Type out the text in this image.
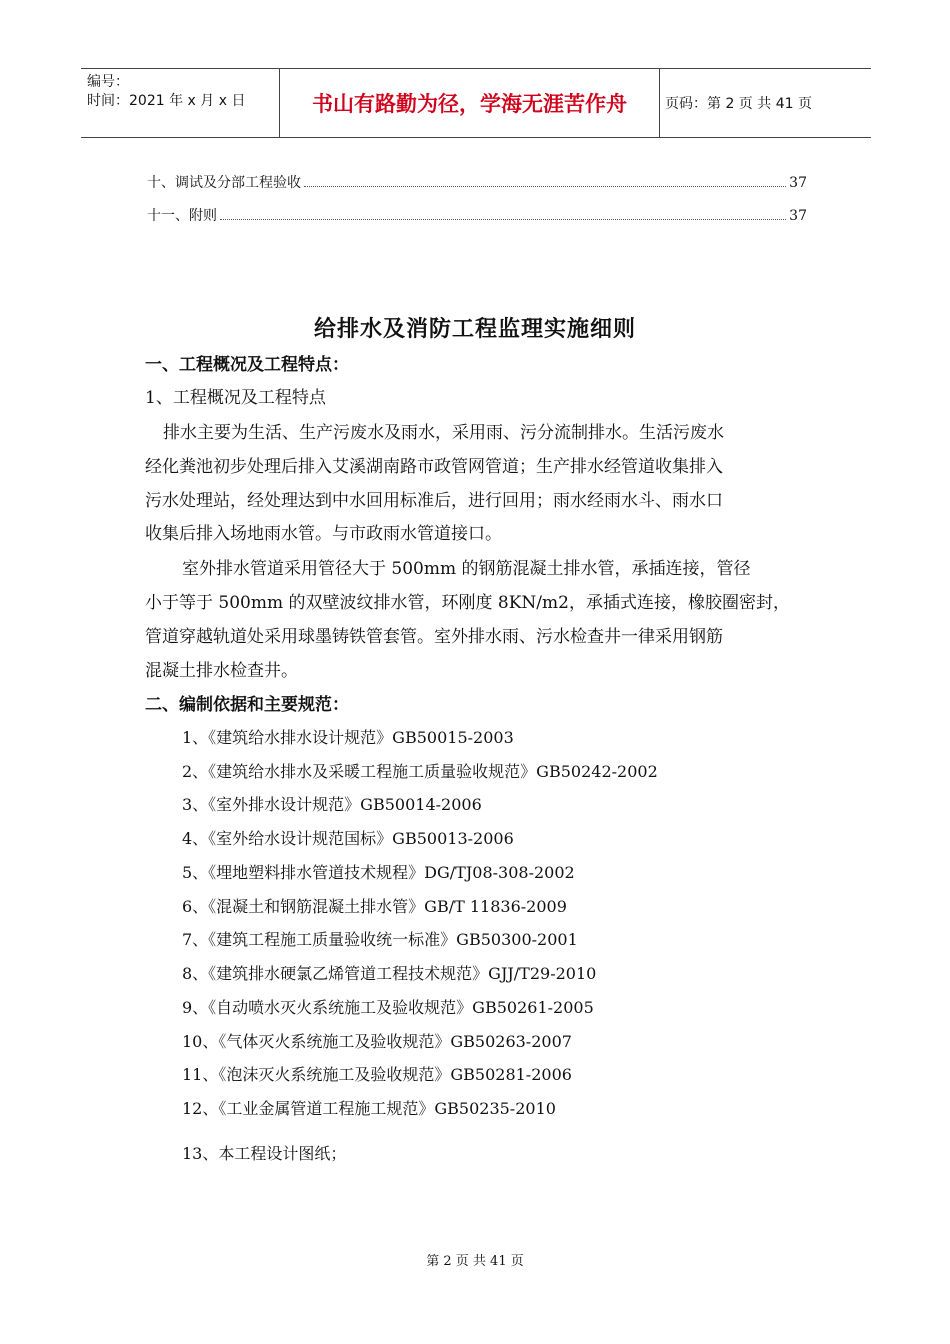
编号：
时间：2021 年 x 月 x 日	书山有路勤为径，学海无涯苦作舟	页码：第 2 页 共 41 页
十、调试及分部工程验收	37
十一、附则	37
给排水及消防工程监理实施细则
一、工程概况及工程特点：
1、工程概况及工程特点
排水主要为生活、生产污废水及雨水，采用雨、污分流制排水。生活污废水
经化粪池初步处理后排入艾溪湖南路市政管网管道；生产排水经管道收集排入
污水处理站，经处理达到中水回用标准后，进行回用；雨水经雨水斗、雨水口
收集后排入场地雨水管。与市政雨水管道接口。
室外排水管道采用管径大于 500mm 的钢筋混凝土排水管，承插连接，管径
小于等于 500mm 的双壁波纹排水管，环刚度 8KN/m2，承插式连接，橡胶圈密封，
管道穿越轨道处采用球墨铸铁管套管。室外排水雨、污水检查井一律采用钢筋
混凝土排水检查井。
二、编制依据和主要规范：
1、《建筑给水排水设计规范》GB50015-2003
2、《建筑给水排水及采暖工程施工质量验收规范》GB50242-2002
3、《室外排水设计规范》GB50014-2006
4、《室外给水设计规范国标》GB50013-2006
5、《埋地塑料排水管道技术规程》DG/TJ08-308-2002
6、《混凝土和钢筋混凝土排水管》GB/T 11836-2009
7、《建筑工程施工质量验收统一标准》GB50300-2001
8、《建筑排水硬氯乙烯管道工程技术规范》GJJ/T29-2010
9、《自动喷水灭火系统施工及验收规范》GB50261-2005
10、《气体灭火系统施工及验收规范》GB50263-2007
11、《泡沫灭火系统施工及验收规范》GB50281-2006
12、《工业金属管道工程施工规范》GB50235-2010
13、本工程设计图纸；
第 2 页 共 41 页
